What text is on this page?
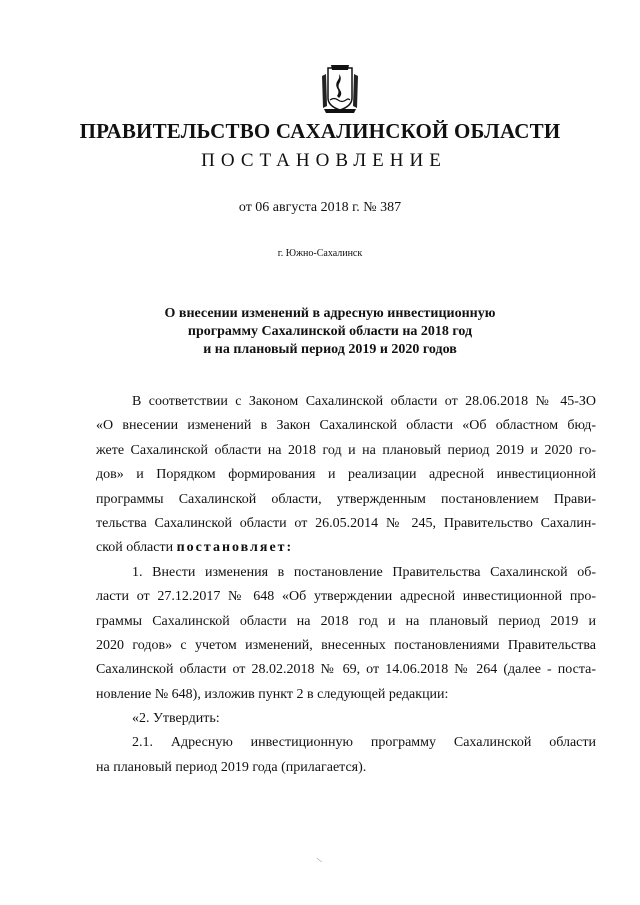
ПРАВИТЕЛЬСТВО САХАЛИНСКОЙ ОБЛАСТИ
ПОСТАНОВЛЕНИЕ
от 06 августа 2018 г. № 387
г. Южно-Сахалинск
О внесении изменений в адресную инвестиционную
программу Сахалинской области на 2018 год
и на плановый период 2019 и 2020 годов
В соответствии с Законом Сахалинской области от 28.06.2018 № 45-ЗО
«О внесении изменений в Закон Сахалинской области «Об областном бюд-
жете Сахалинской области на 2018 год и на плановый период 2019 и 2020 го-
дов» и Порядком формирования и реализации адресной инвестиционной
программы Сахалинской области, утвержденным постановлением Прави-
тельства Сахалинской области от 26.05.2014 № 245, Правительство Сахалин-
ской области постановляет:
1. Внести изменения в постановление Правительства Сахалинской об-
ласти от 27.12.2017 № 648 «Об утверждении адресной инвестиционной про-
граммы Сахалинской области на 2018 год и на плановый период 2019 и
2020 годов» с учетом изменений, внесенных постановлениями Правительства
Сахалинской области от 28.02.2018 № 69, от 14.06.2018 № 264 (далее - поста-
новление № 648), изложив пункт 2 в следующей редакции:
«2. Утвердить:
2.1. Адресную инвестиционную программу Сахалинской области
на плановый период 2019 года (прилагается).
/
